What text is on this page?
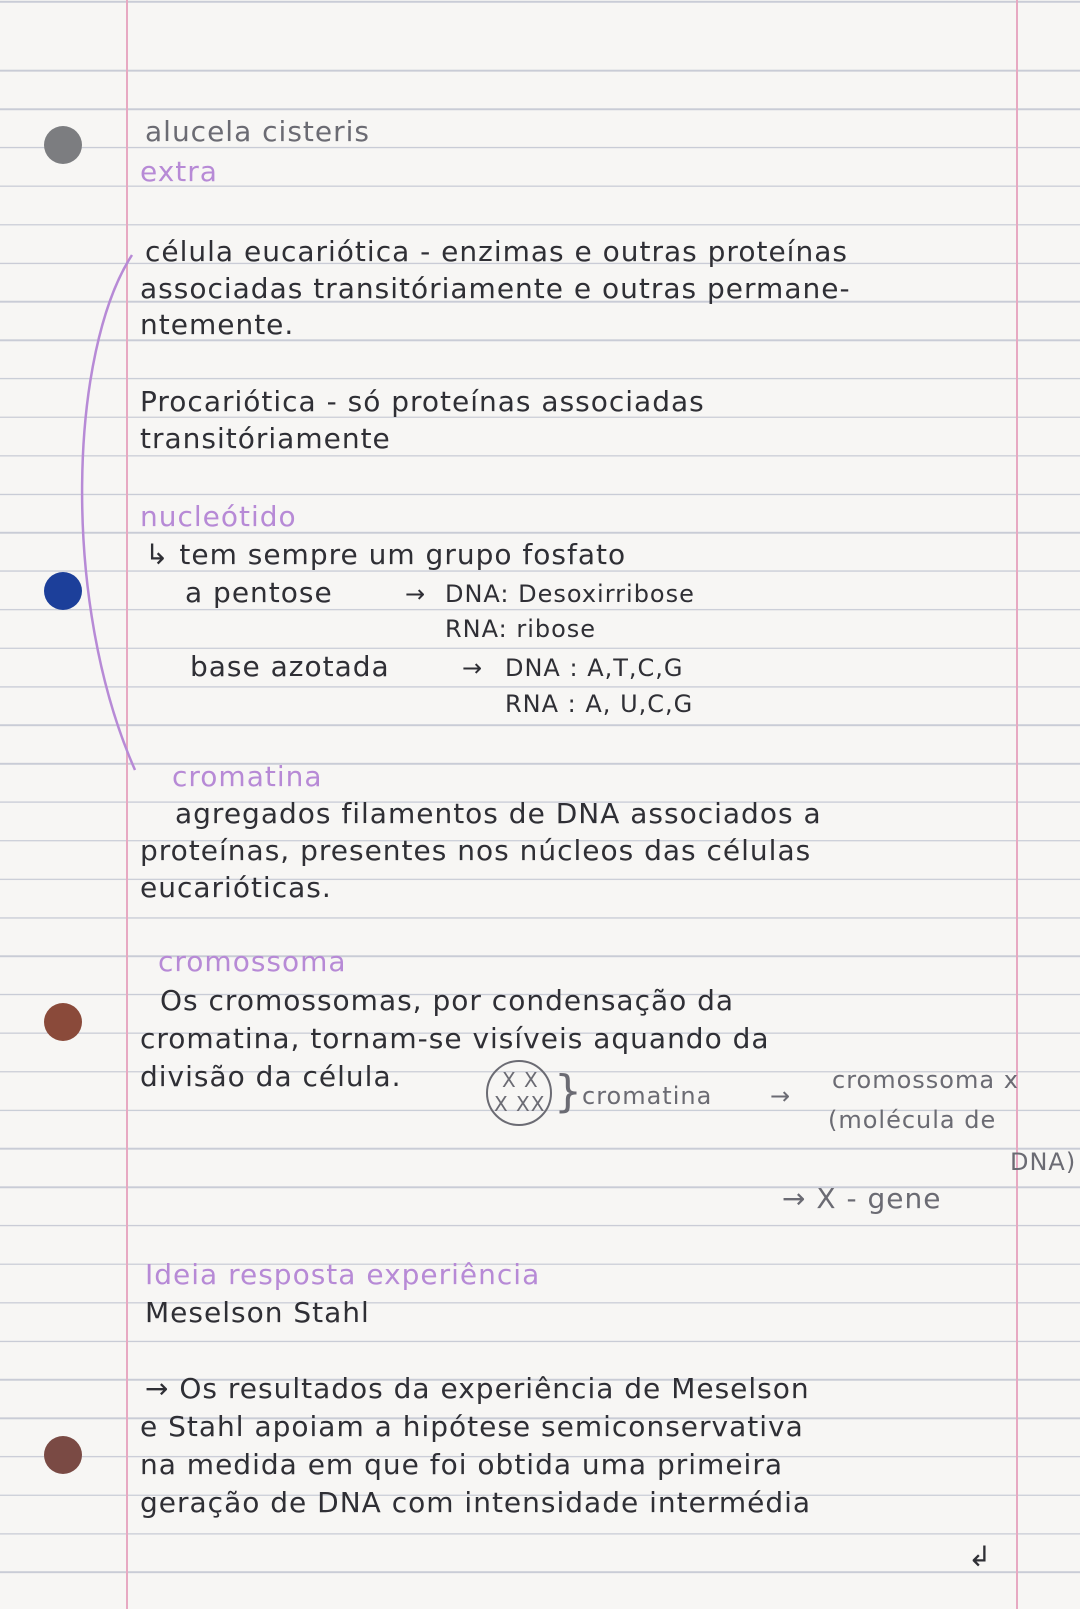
alucela cisteris
extra
célula eucariótica - enzimas e outras proteínas
associadas transitóriamente e outras permane-
ntemente.
Procariótica - só proteínas associadas
transitóriamente
nucleótido
↳ tem sempre um grupo fosfato
a pentose	→ DNA: Desoxirribose
RNA: ribose
base azotada	→ DNA : A,T,C,G
RNA : A, U,C,G
cromatina
agregados filamentos de DNA associados a
proteínas, presentes nos núcleos das células
eucarióticas.
cromossoma
Os cromossomas, por condensação da
cromatina, tornam-se visíveis aquando da
divisão da célula.	X X
X XX } cromatina →
cromossoma x
(molécula de
DNA)
→ X - gene
Ideia resposta experiência
Meselson Stahl
→ Os resultados da experiência de Meselson
e Stahl apoiam a hipótese semiconservativa
na medida em que foi obtida uma primeira
geração de DNA com intensidade intermédia
↲
